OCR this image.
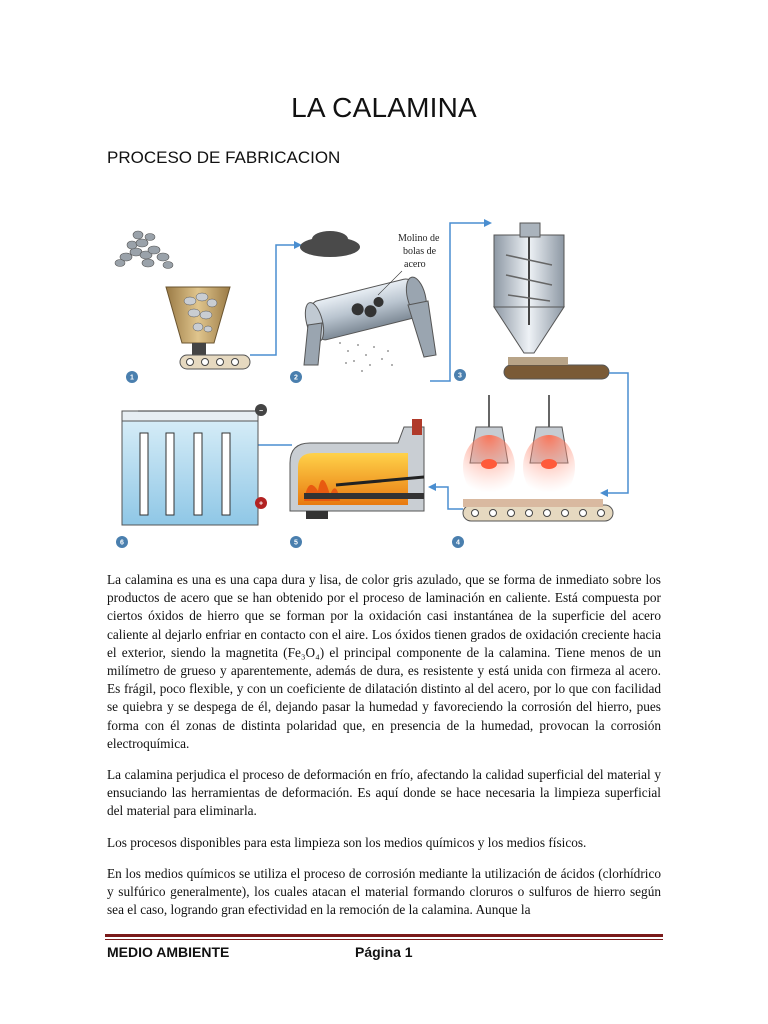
LA CALAMINA
PROCESO DE FABRICACION
1
Molino de
bolas de
acero
2	3
4
5
−
+
6

La calamina es una es una capa dura y lisa, de color gris azulado, que se forma de inmediato sobre los productos de acero que se han obtenido por el proceso de laminación en caliente. Está compuesta por ciertos óxidos de hierro que se forman por la oxidación casi instantánea de la superficie del acero caliente al dejarlo enfriar en contacto con el aire. Los óxidos tienen grados de oxidación creciente hacia el exterior, siendo la magnetita (Fe₃O₄) el principal componente de la calamina. Tiene menos de un milímetro de grueso y aparentemente, además de dura, es resistente y está unida con firmeza al acero. Es frágil, poco flexible, y con un coeficiente de dilatación distinto al del acero, por lo que con facilidad se quiebra y se despega de él, dejando pasar la humedad y favoreciendo la corrosión del hierro, pues forma con él zonas de distinta polaridad que, en presencia de la humedad, provocan la corrosión electroquímica.

La calamina perjudica el proceso de deformación en frío, afectando la calidad superficial del material y ensuciando las herramientas de deformación. Es aquí donde se hace necesaria la limpieza superficial del material para eliminarla.

Los procesos disponibles para esta limpieza son los medios químicos y los medios físicos.

En los medios químicos se utiliza el proceso de corrosión mediante la utilización de ácidos (clorhídrico y sulfúrico generalmente), los cuales atacan el material formando cloruros o sulfuros de hierro según sea el caso, logrando gran efectividad en la remoción de la calamina. Aunque la

MEDIO AMBIENTE	Página 1
